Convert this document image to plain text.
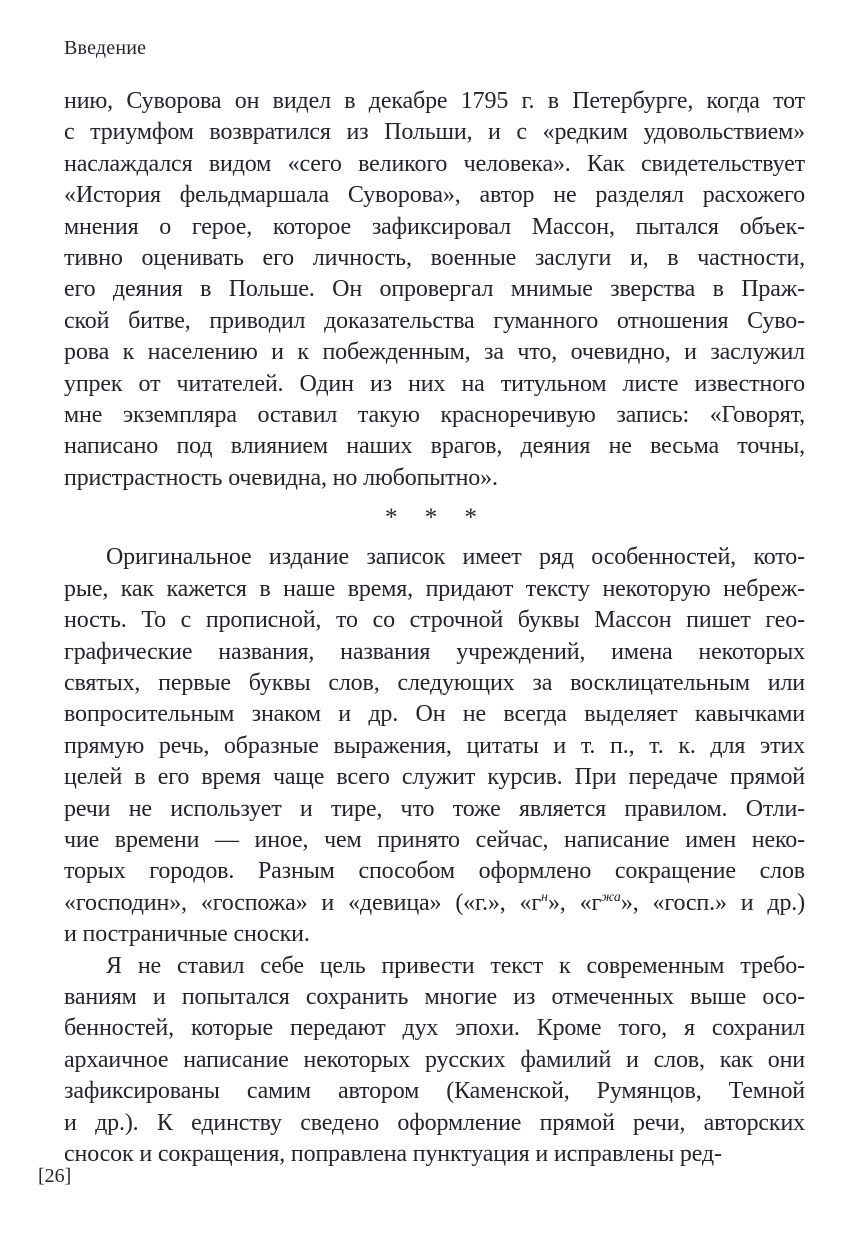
Введение
нию, Суворова он видел в декабре 1795 г. в Петербурге, когда тот
с триумфом возвратился из Польши, и с «редким удовольствием»
наслаждался видом «сего великого человека». Как свидетельствует
«История фельдмаршала Суворова», автор не разделял расхожего
мнения о герое, которое зафиксировал Массон, пытался объек-
тивно оценивать его личность, военные заслуги и, в частности,
его деяния в Польше. Он опровергал мнимые зверства в Праж-
ской битве, приводил доказательства гуманного отношения Суво-
рова к населению и к побежденным, за что, очевидно, и заслужил
упрек от читателей. Один из них на титульном листе известного
мне экземпляра оставил такую красноречивую запись: «Говорят,
написано под влиянием наших врагов, деяния не весьма точны,
пристрастность очевидна, но любопытно».
* * *
Оригинальное издание записок имеет ряд особенностей, кото-
рые, как кажется в наше время, придают тексту некоторую небреж-
ность. То с прописной, то со строчной буквы Массон пишет гео-
графические названия, названия учреждений, имена некоторых
святых, первые буквы слов, следующих за восклицательным или
вопросительным знаком и др. Он не всегда выделяет кавычками
прямую речь, образные выражения, цитаты и т. п., т. к. для этих
целей в его время чаще всего служит курсив. При передаче прямой
речи не использует и тире, что тоже является правилом. Отли-
чие времени — иное, чем принято сейчас, написание имен неко-
торых городов. Разным способом оформлено сокращение слов
«господин», «госпожа» и «девица» («г.», «$г^н$», «$г^{жа}$», «госп.» и др.)
и постраничные сноски.
Я не ставил себе цель привести текст к современным требо-
ваниям и попытался сохранить многие из отмеченных выше осо-
бенностей, которые передают дух эпохи. Кроме того, я сохранил
архаичное написание некоторых русских фамилий и слов, как они
зафиксированы самим автором (Каменской, Румянцов, Темной
и др.). К единству сведено оформление прямой речи, авторских
сносок и сокращения, поправлена пунктуация и исправлены ред-
[26]
